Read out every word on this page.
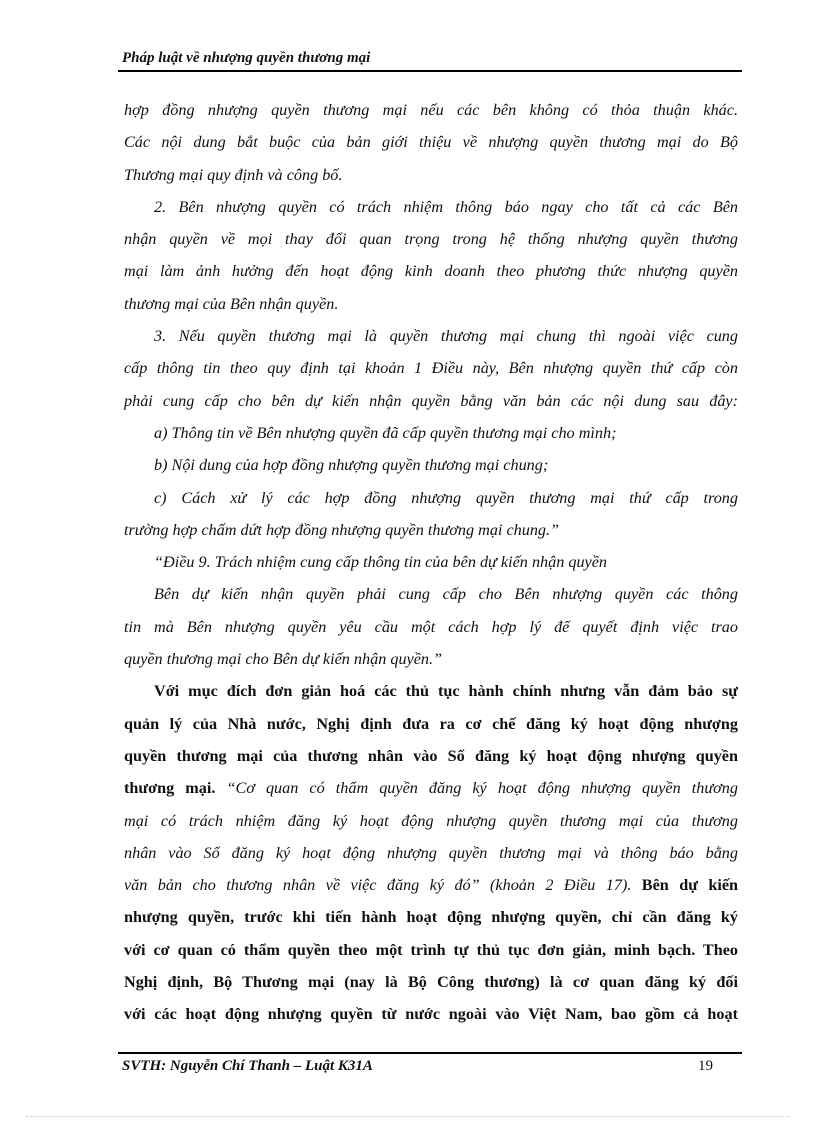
Pháp luật về nhượng quyền thương mại
hợp đồng nhượng quyền thương mại nếu các bên không có thỏa thuận khác.
Các nội dung bắt buộc của bản giới thiệu về nhượng quyền thương mại do Bộ
Thương mại quy định và công bố.
2. Bên nhượng quyền có trách nhiệm thông báo ngay cho tất cả các Bên
nhận quyền về mọi thay đổi quan trọng trong hệ thống nhượng quyền thương
mại làm ảnh hưởng đến hoạt động kinh doanh theo phương thức nhượng quyền
thương mại của Bên nhận quyền.
3. Nếu quyền thương mại là quyền thương mại chung thì ngoài việc cung
cấp thông tin theo quy định tại khoản 1 Điều này, Bên nhượng quyền thứ cấp còn
phải cung cấp cho bên dự kiến nhận quyền bằng văn bản các nội dung sau đây:
a) Thông tin về Bên nhượng quyền đã cấp quyền thương mại cho mình;
b) Nội dung của hợp đồng nhượng quyền thương mại chung;
c) Cách xử lý các hợp đồng nhượng quyền thương mại thứ cấp trong
trường hợp chấm dứt hợp đồng nhượng quyền thương mại chung.”
“Điều 9. Trách nhiệm cung cấp thông tin của bên dự kiến nhận quyền
Bên dự kiến nhận quyền phải cung cấp cho Bên nhượng quyền các thông
tin mà Bên nhượng quyền yêu cầu một cách hợp lý để quyết định việc trao
quyền thương mại cho Bên dự kiến nhận quyền.”
Với mục đích đơn giản hoá các thủ tục hành chính nhưng vẫn đảm bảo sự
quản lý của Nhà nước, Nghị định đưa ra cơ chế đăng ký hoạt động nhượng
quyền thương mại của thương nhân vào Sổ đăng ký hoạt động nhượng quyền
thương mại. “Cơ quan có thẩm quyền đăng ký hoạt động nhượng quyền thương
mại có trách nhiệm đăng ký hoạt động nhượng quyền thương mại của thương
nhân vào Sổ đăng ký hoạt động nhượng quyền thương mại và thông báo bằng
văn bản cho thương nhân về việc đăng ký đó” (khoản 2 Điều 17). Bên dự kiến
nhượng quyền, trước khi tiến hành hoạt động nhượng quyền, chỉ cần đăng ký
với cơ quan có thẩm quyền theo một trình tự thủ tục đơn giản, minh bạch. Theo
Nghị định, Bộ Thương mại (nay là Bộ Công thương) là cơ quan đăng ký đối
với các hoạt động nhượng quyền từ nước ngoài vào Việt Nam, bao gồm cả hoạt
SVTH: Nguyễn Chí Thanh – Luật K31A	19
